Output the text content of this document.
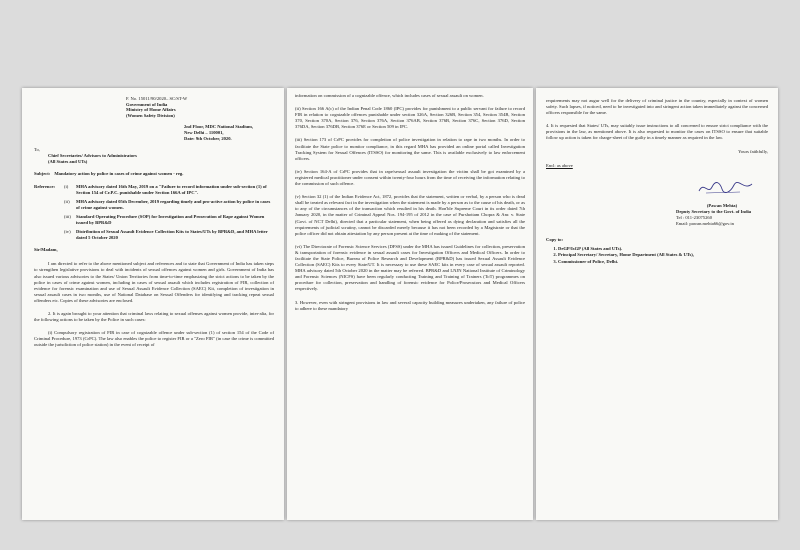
F. No. 15011/90/2020– SC/ST-W
Government of India
Ministry of Home Affairs
(Women Safety Division)
2nd Floor, MDC National Stadium,
New Delhi – 110001,
Date: 9th October, 2020.
To,
Chief Secretaries/ Advisors to Administrators
(All States and UTs)
Subject: Mandatory action by police in cases of crime against women - reg.
Reference:	(i)	MHA advisory dated 16th May, 2019 on a "Failure to record information under sub-section (1) of Section 154 of Cr.P.C. punishable under Section 166A of IPC".
(ii)	MHA advisory dated 05th December, 2019 regarding timely and pro-active action by police in cases of crime against women.
(iii)	Standard Operating Procedure (SOP) for Investigation and Prosecution of Rape against Women issued by BPR&D
(iv)	Distribution of Sexual Assault Evidence Collection Kits to States/UTs by BPR&D, and MHA letter dated 5 October 2020
Sir/Madam,

I am directed to refer to the above mentioned subject and references and to state that Government of India has taken steps to strengthen legislative provisions to deal with incidents of sexual offences against women and girls. Government of India has also issued various advisories to the States/ Union Territories from time-to-time emphasizing the strict actions to be taken by the police in cases of crime against women, including in cases of sexual assault which includes registration of FIR, collection of evidence for forensic examination and use of Sexual Assault Evidence Collection (SAEC) Kit, completion of investigation in sexual assault cases in two months, use of National Database on Sexual Offenders for identifying and tracking repeat sexual offenders etc. Copies of these advisories are enclosed.

2. It is again brought to your attention that criminal laws relating to sexual offenses against women provide, inter-alia, for the following actions to be taken by the Police in such cases:

(i) Compulsory registration of FIR in case of cognizable offence under sub-section (1) of section 154 of the Code of Criminal Procedure, 1973 (CrPC). The law also enables the police to register FIR or a "Zero FIR" (in case the crime is committed outside the jurisdiction of police station) in the event of receipt of

information on commission of a cognizable offence, which includes cases of sexual assault on women.
(ii) Section 166 A(c) of the Indian Penal Code 1860 (IPC) provides for punishment to a public servant for failure to record FIR in relation to cognizable offences punishable under section 326A, Section 326B, Section 354, Section 354B, Section 370, Section 370A, Section 376, Section 376A, Section 376AB, Section 376B, Section 376C, Section 376D, Section 376DA, Section 376DB, Section 376E or Section 509 in IPC.
(iii) Section 173 of CrPC provides for completion of police investigation in relation to rape in two months. In order to facilitate the State police to monitor compliance, in this regard MHA has provided an online portal called Investigation Tracking System for Sexual Offences (ITSSO) for monitoring the same. This is available exclusively to law enforcement officers.
(iv) Section 164-A of CrPC provides that in rape/sexual assault investigation the victim shall be got examined by a registered medical practitioner under consent within twenty-four hours from the time of receiving the information relating to the commission of such offence.
(v) Section 32 (1) of the Indian Evidence Act, 1872, provides that the statement, written or verbal, by a person who is dead shall be treated as relevant fact in the investigation when the statement is made by a person as to the cause of his death, or as to any of the circumstances of the transaction which resulted in his death. Hon'ble Supreme Court in its order dated 7th January 2020, in the matter of Criminal Appeal Nos. 194-195 of 2012 in the case of Purshottam Chopra & Anr. v. State (Govt. of NCT Delhi), directed that a particular statement, when being offered as dying declaration and satisfies all the requirements of judicial scrutiny, cannot be discarded merely because it has not been recorded by a Magistrate or that the police officer did not obtain attestation by any person present at the time of making of the statement.
(vi) The Directorate of Forensic Science Services (DFSS) under the MHA has issued Guidelines for collection, preservation & transportation of forensic evidence in sexual assault cases for Investigation Officers and Medical Officers. In order to facilitate the State Police, Bureau of Police Research and Development (BPR&D) has issued Sexual Assault Evidence Collection (SAEC) Kits to every State/UT. It is necessary to use these SAEC kits in every case of sexual assault reported. MHA advisory dated 5th October 2020 in the matter may be referred. BPR&D and LNJN National Institute of Criminology and Forensic Sciences (NICFS) have been regularly conducting Training and Training of Trainers (ToT) programmes on procedure for collection, preservation and handling of forensic evidence for Police/Prosecutors and Medical Officers respectively.
3. However, even with stringent provisions in law and several capacity building measures undertaken, any failure of police to adhere to these mandatory
requirements may not augur well for the delivery of criminal justice in the country, especially in context of women safety. Such lapses, if noticed, need to be investigated into and stringent action taken immediately against the concerned officers responsible for the same.
4. It is requested that States/ UTs, may suitably issue instructions to all concerned to ensure strict compliance with the provisions in the law, as mentioned above. It is also requested to monitor the cases on ITSSO to ensure that suitable follow up action is taken for charge-sheet of the guilty in a timely manner as required in the law.
Yours faithfully,
Encl: as above
(Pawan Mehta)
Deputy Secretary to the Govt. of India
Tel : 011-23075260
Email: pawan.mehta66@gov.in
Copy to:
1. DeGP/IsGP (All States and UTs).
2. Principal Secretary/ Secretary, Home Department (All States & UTs),
3. Commissioner of Police, Delhi.
